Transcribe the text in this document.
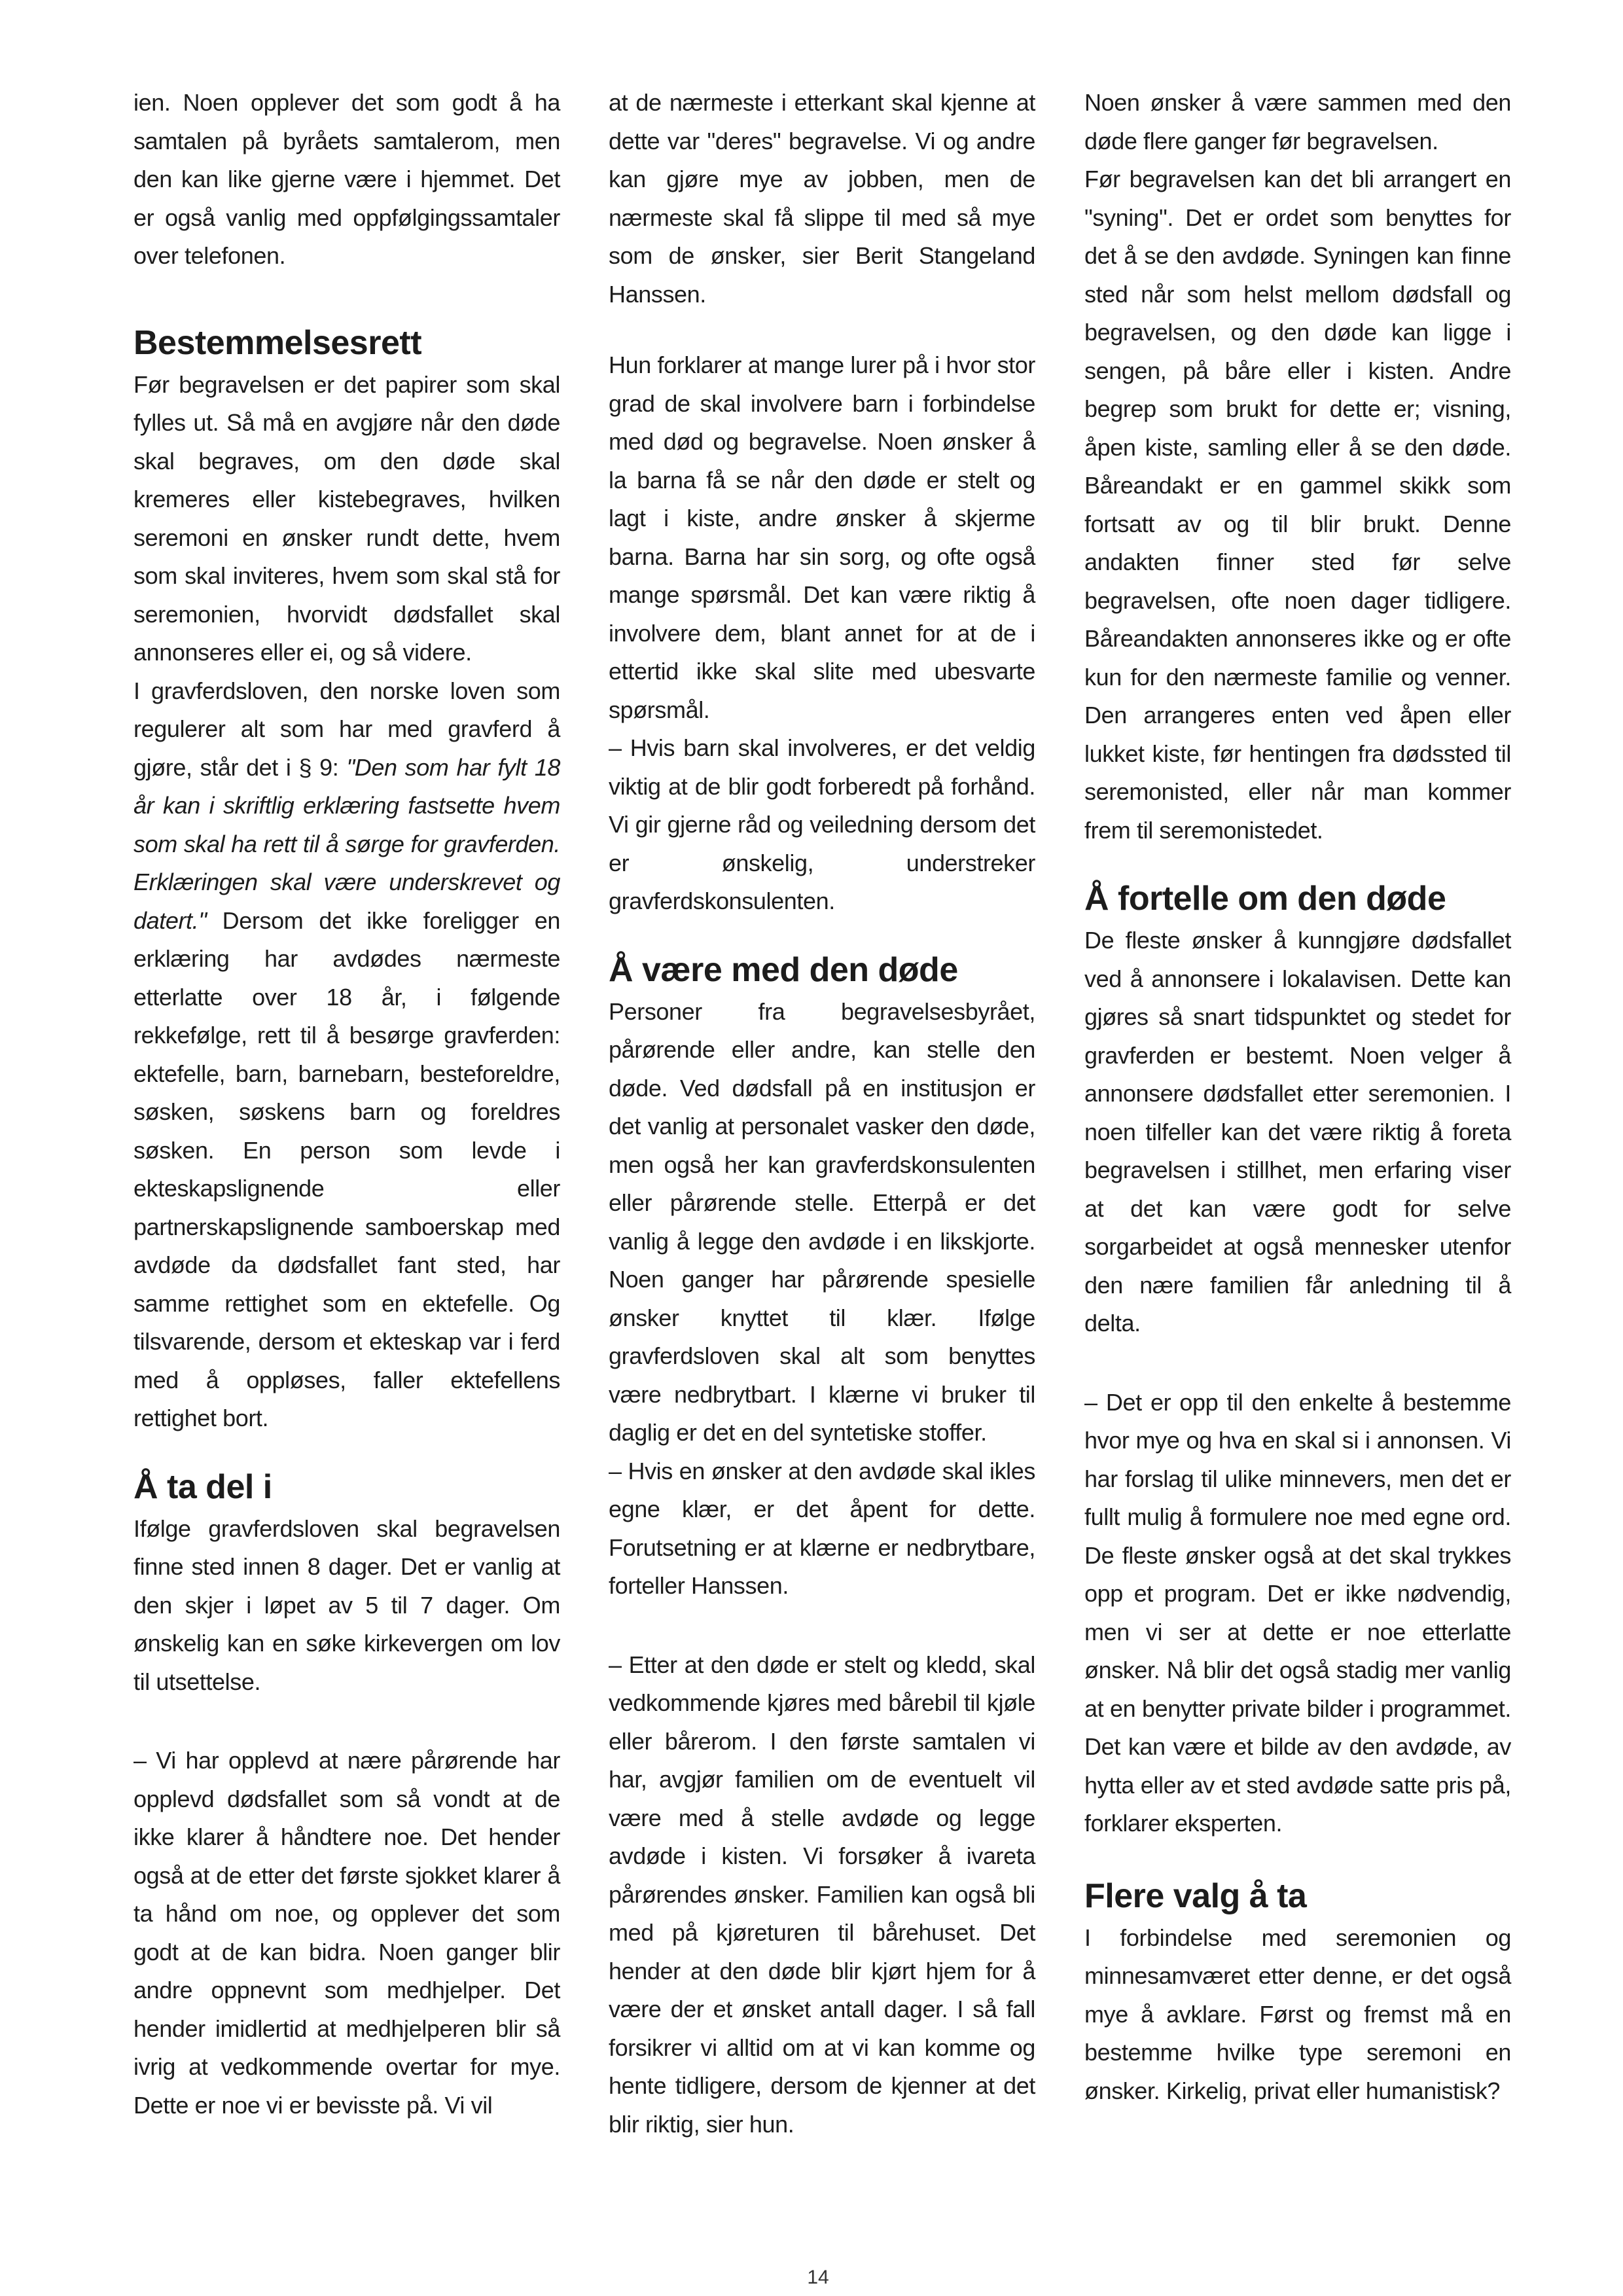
ien. Noen opplever det som godt å ha samtalen på byråets samtalerom, men den kan like gjerne være i hjemmet. Det er også vanlig med oppfølgingssamtaler over telefonen.

Bestemmelsesrett

Før begravelsen er det papirer som skal fylles ut. Så må en avgjøre når den døde skal begraves, om den døde skal kremeres eller kistebegraves, hvilken seremoni en ønsker rundt dette, hvem som skal inviteres, hvem som skal stå for seremonien, hvorvidt dødsfallet skal annonseres eller ei, og så videre.

I gravferdsloven, den norske loven som regulerer alt som har med gravferd å gjøre, står det i § 9: "Den som har fylt 18 år kan i skriftlig erklæring fastsette hvem som skal ha rett til å sørge for gravferden. Erklæringen skal være underskrevet og datert." Dersom det ikke foreligger en erklæring har avdødes nærmeste etterlatte over 18 år, i følgende rekkefølge, rett til å besørge gravferden: ektefelle, barn, barnebarn, besteforeldre, søsken, søskens barn og foreldres søsken. En person som levde i ekteskapslignende eller partnerskapslignende samboerskap med avdøde da dødsfallet fant sted, har samme rettighet som en ektefelle. Og tilsvarende, dersom et ekteskap var i ferd med å oppløses, faller ektefellens rettighet bort.

Å ta del i

Ifølge gravferdsloven skal begravelsen finne sted innen 8 dager. Det er vanlig at den skjer i løpet av 5 til 7 dager. Om ønskelig kan en søke kirkevergen om lov til utsettelse.

– Vi har opplevd at nære pårørende har opplevd dødsfallet som så vondt at de ikke klarer å håndtere noe. Det hender også at de etter det første sjokket klarer å ta hånd om noe, og opplever det som godt at de kan bidra. Noen ganger blir andre oppnevnt som medhjelper. Det hender imidlertid at medhjelperen blir så ivrig at vedkommende overtar for mye. Dette er noe vi er bevisste på. Vi vil

at de nærmeste i etterkant skal kjenne at dette var "deres" begravelse. Vi og andre kan gjøre mye av jobben, men de nærmeste skal få slippe til med så mye som de ønsker, sier Berit Stangeland Hanssen.

Hun forklarer at mange lurer på i hvor stor grad de skal involvere barn i forbindelse med død og begravelse. Noen ønsker å la barna få se når den døde er stelt og lagt i kiste, andre ønsker å skjerme barna. Barna har sin sorg, og ofte også mange spørsmål. Det kan være riktig å involvere dem, blant annet for at de i ettertid ikke skal slite med ubesvarte spørsmål.

– Hvis barn skal involveres, er det veldig viktig at de blir godt forberedt på forhånd. Vi gir gjerne råd og veiledning dersom det er ønskelig, understreker gravferdskonsulenten.

Å være med den døde

Personer fra begravelsesbyrået, pårørende eller andre, kan stelle den døde. Ved dødsfall på en institusjon er det vanlig at personalet vasker den døde, men også her kan gravferdskonsulenten eller pårørende stelle. Etterpå er det vanlig å legge den avdøde i en likskjorte. Noen ganger har pårørende spesielle ønsker knyttet til klær. Ifølge gravferdsloven skal alt som benyttes være nedbrytbart. I klærne vi bruker til daglig er det en del syntetiske stoffer.

– Hvis en ønsker at den avdøde skal ikles egne klær, er det åpent for dette. Forutsetning er at klærne er nedbrytbare, forteller Hanssen.

– Etter at den døde er stelt og kledd, skal vedkommende kjøres med bårebil til kjøle eller bårerom. I den første samtalen vi har, avgjør familien om de eventuelt vil være med å stelle avdøde og legge avdøde i kisten. Vi forsøker å ivareta pårørendes ønsker. Familien kan også bli med på kjøreturen til bårehuset. Det hender at den døde blir kjørt hjem for å være der et ønsket antall dager. I så fall forsikrer vi alltid om at vi kan komme og hente tidligere, dersom de kjenner at det blir riktig, sier hun.

Noen ønsker å være sammen med den døde flere ganger før begravelsen.

Før begravelsen kan det bli arrangert en "syning". Det er ordet som benyttes for det å se den avdøde. Syningen kan finne sted når som helst mellom dødsfall og begravelsen, og den døde kan ligge i sengen, på båre eller i kisten. Andre begrep som brukt for dette er; visning, åpen kiste, samling eller å se den døde. Båreandakt er en gammel skikk som fortsatt av og til blir brukt. Denne andakten finner sted før selve begravelsen, ofte noen dager tidligere. Båreandakten annonseres ikke og er ofte kun for den nærmeste familie og venner. Den arrangeres enten ved åpen eller lukket kiste, før hentingen fra dødssted til seremonisted, eller når man kommer frem til seremonistedet.

Å fortelle om den døde

De fleste ønsker å kunngjøre dødsfallet ved å annonsere i lokalavisen. Dette kan gjøres så snart tidspunktet og stedet for gravferden er bestemt. Noen velger å annonsere dødsfallet etter seremonien. I noen tilfeller kan det være riktig å foreta begravelsen i stillhet, men erfaring viser at det kan være godt for selve sorgarbeidet at også mennesker utenfor den nære familien får anledning til å delta.

– Det er opp til den enkelte å bestemme hvor mye og hva en skal si i annonsen. Vi har forslag til ulike minnevers, men det er fullt mulig å formulere noe med egne ord. De fleste ønsker også at det skal trykkes opp et program. Det er ikke nødvendig, men vi ser at dette er noe etterlatte ønsker. Nå blir det også stadig mer vanlig at en benytter private bilder i programmet. Det kan være et bilde av den avdøde, av hytta eller av et sted avdøde satte pris på, forklarer eksperten.

Flere valg å ta

I forbindelse med seremonien og minnesamværet etter denne, er det også mye å avklare. Først og fremst må en bestemme hvilke type seremoni en ønsker. Kirkelig, privat eller humanistisk?

14
